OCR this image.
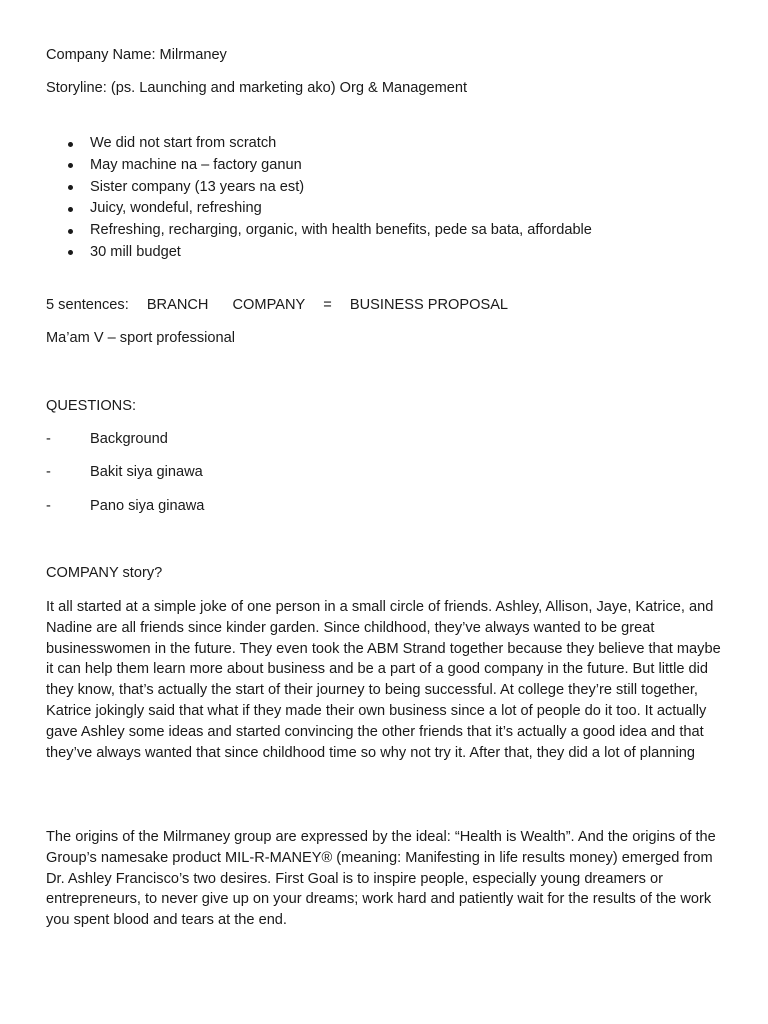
Company Name: Milrmaney
Storyline: (ps. Launching and marketing ako) Org & Management
We did not start from scratch
May machine na – factory ganun
Sister company (13 years na est)
Juicy, wondeful, refreshing
Refreshing, recharging, organic, with health benefits, pede sa bata, affordable
30 mill budget
5 sentences: BRANCH COMPANY = BUSINESS PROPOSAL
Ma’am V – sport professional
QUESTIONS:
-	Background
-	Bakit siya ginawa
-	Pano siya ginawa
COMPANY story?

It all started at a simple joke of one person in a small circle of friends. Ashley, Allison, Jaye, Katrice, and Nadine are all friends since kinder garden. Since childhood, they’ve always wanted to be great businesswomen in the future. They even took the ABM Strand together because they believe that maybe it can help them learn more about business and be a part of a good company in the future. But little did they know, that’s actually the start of their journey to being successful. At college they’re still together, Katrice jokingly said that what if they made their own business since a lot of people do it too. It actually gave Ashley some ideas and started convincing the other friends that it’s actually a good idea and that they’ve always wanted that since childhood time so why not try it. After that, they did a lot of planning

The origins of the Milrmaney group are expressed by the ideal: “Health is Wealth”. And the origins of the Group’s namesake product MIL-R-MANEY® (meaning: Manifesting in life results money) emerged from Dr. Ashley Francisco’s two desires. First Goal is to inspire people, especially young dreamers or entrepreneurs, to never give up on your dreams; work hard and patiently wait for the results of the work you spent blood and tears at the end.
